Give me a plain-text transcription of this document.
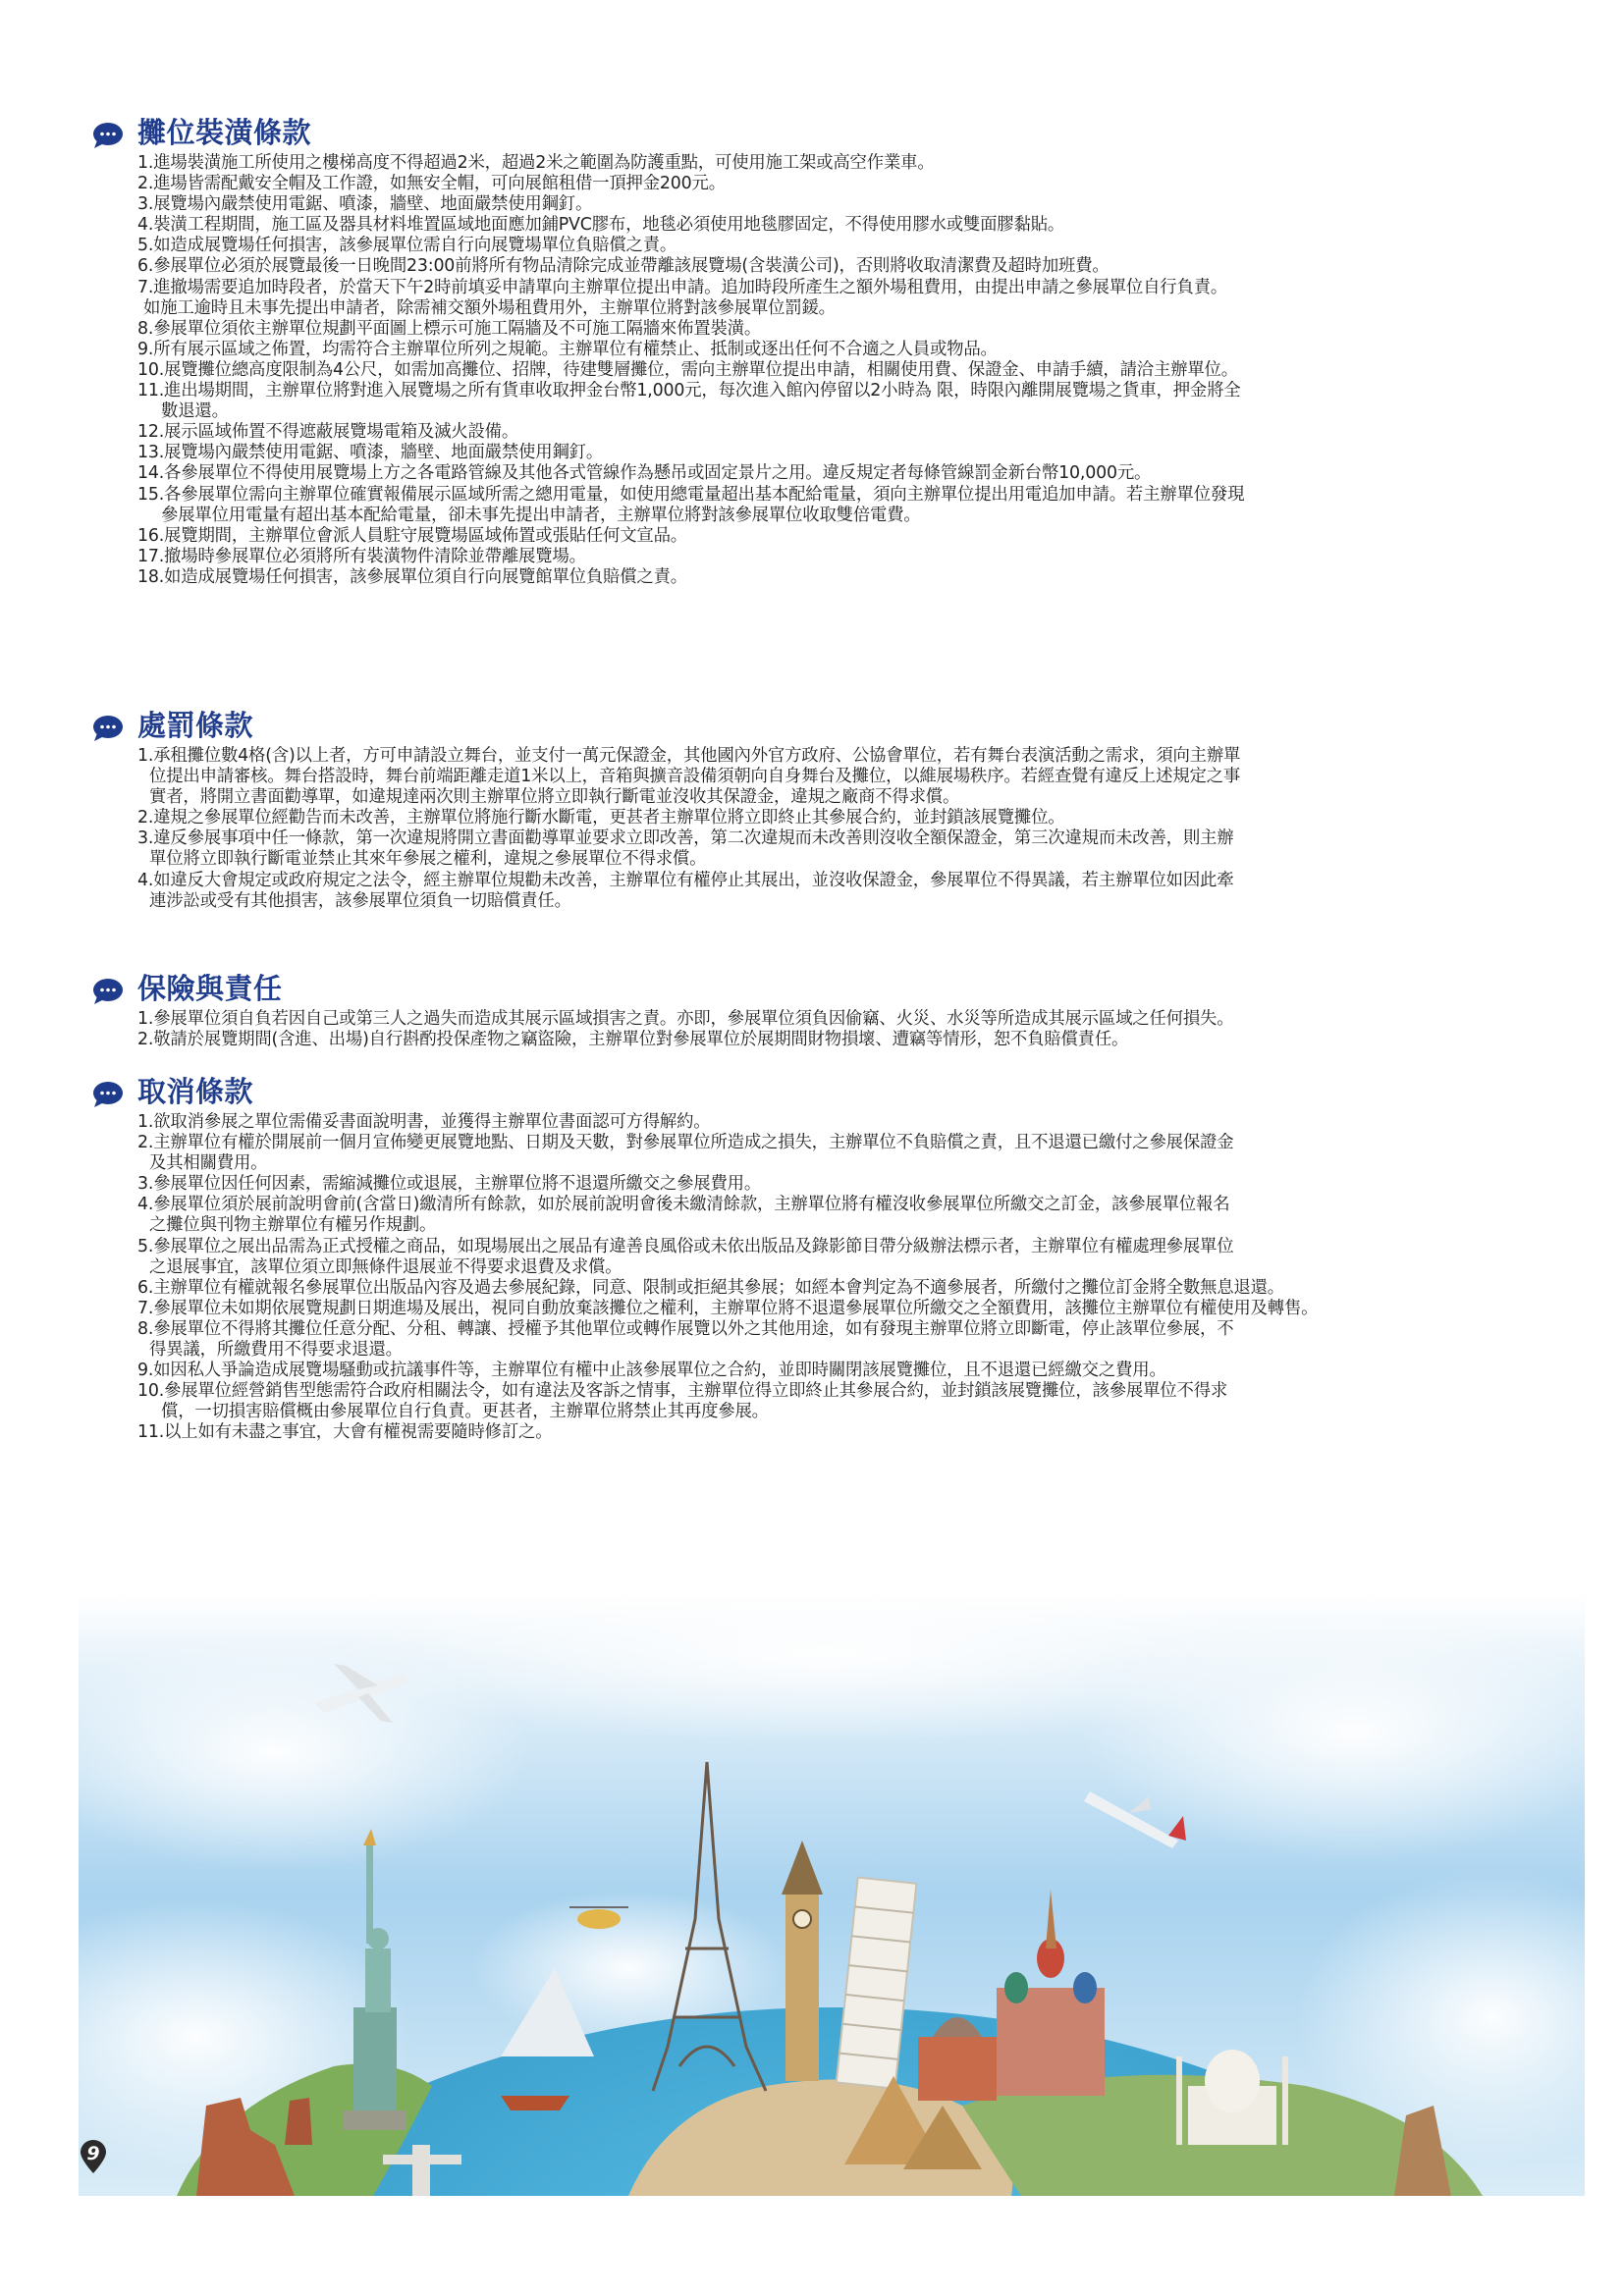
攤位裝潢條款
1.進場裝潢施工所使用之樓梯高度不得超過2米，超過2米之範圍為防護重點，可使用施工架或高空作業車。
2.進場皆需配戴安全帽及工作證，如無安全帽，可向展館租借一頂押金200元。
3.展覽場內嚴禁使用電鋸、噴漆，牆壁、地面嚴禁使用鋼釘。
4.裝潢工程期間，施工區及器具材料堆置區域地面應加鋪PVC膠布，地毯必須使用地毯膠固定，不得使用膠水或雙面膠黏貼。
5.如造成展覽場任何損害，該參展單位需自行向展覽場單位負賠償之責。
6.參展單位必須於展覽最後一日晚間23:00前將所有物品清除完成並帶離該展覽場(含裝潢公司)，否則將收取清潔費及超時加班費。
7.進撤場需要追加時段者，於當天下午2時前填妥申請單向主辦單位提出申請。追加時段所產生之額外場租費用，由提出申請之參展單位自行負責。
如施工逾時且未事先提出申請者，除需補交額外場租費用外，主辦單位將對該參展單位罰鍰。
8.參展單位須依主辦單位規劃平面圖上標示可施工隔牆及不可施工隔牆來佈置裝潢。
9.所有展示區域之佈置，均需符合主辦單位所列之規範。主辦單位有權禁止、抵制或逐出任何不合適之人員或物品。
10.展覽攤位總高度限制為4公尺，如需加高攤位、招牌，待建雙層攤位，需向主辦單位提出申請，相關使用費、保證金、申請手續，請洽主辦單位。
11.進出場期間，主辦單位將對進入展覽場之所有貨車收取押金台幣1,000元，每次進入館內停留以2小時為 限，時限內離開展覽場之貨車，押金將全
數退還。
12.展示區域佈置不得遮蔽展覽場電箱及滅火設備。
13.展覽場內嚴禁使用電鋸、噴漆，牆壁、地面嚴禁使用鋼釘。
14.各參展單位不得使用展覽場上方之各電路管線及其他各式管線作為懸吊或固定景片之用。違反規定者每條管線罰金新台幣10,000元。
15.各參展單位需向主辦單位確實報備展示區域所需之總用電量，如使用總電量超出基本配給電量，須向主辦單位提出用電追加申請。若主辦單位發現
參展單位用電量有超出基本配給電量，卻未事先提出申請者，主辦單位將對該參展單位收取雙倍電費。
16.展覽期間，主辦單位會派人員駐守展覽場區域佈置或張貼任何文宣品。
17.撤場時參展單位必須將所有裝潢物件清除並帶離展覽場。
18.如造成展覽場任何損害，該參展單位須自行向展覽館單位負賠償之責。
處罰條款
1.承租攤位數4格(含)以上者，方可申請設立舞台，並支付一萬元保證金，其他國內外官方政府、公協會單位，若有舞台表演活動之需求，須向主辦單
位提出申請審核。舞台搭設時，舞台前端距離走道1米以上，音箱與擴音設備須朝向自身舞台及攤位，以維展場秩序。若經查覺有違反上述規定之事
實者，將開立書面勸導單，如違規達兩次則主辦單位將立即執行斷電並沒收其保證金，違規之廠商不得求償。
2.違規之參展單位經勸告而未改善，主辦單位將施行斷水斷電，更甚者主辦單位將立即終止其參展合約，並封鎖該展覽攤位。
3.違反參展事項中任一條款，第一次違規將開立書面勸導單並要求立即改善，第二次違規而未改善則沒收全額保證金，第三次違規而未改善，則主辦
單位將立即執行斷電並禁止其來年參展之權利，違規之參展單位不得求償。
4.如違反大會規定或政府規定之法令，經主辦單位規勸未改善，主辦單位有權停止其展出，並沒收保證金，參展單位不得異議，若主辦單位如因此牽
連涉訟或受有其他損害，該參展單位須負一切賠償責任。
保險與責任
1.參展單位須自負若因自己或第三人之過失而造成其展示區域損害之責。亦即，參展單位須負因偷竊、火災、水災等所造成其展示區域之任何損失。
2.敬請於展覽期間(含進、出場)自行斟酌投保產物之竊盜險，主辦單位對參展單位於展期間財物損壞、遭竊等情形，恕不負賠償責任。
取消條款
1.欲取消參展之單位需備妥書面說明書，並獲得主辦單位書面認可方得解約。
2.主辦單位有權於開展前一個月宣佈變更展覽地點、日期及天數，對參展單位所造成之損失，主辦單位不負賠償之責，且不退還已繳付之參展保證金
及其相關費用。
3.參展單位因任何因素，需縮減攤位或退展，主辦單位將不退還所繳交之參展費用。
4.參展單位須於展前說明會前(含當日)繳清所有餘款，如於展前說明會後未繳清餘款，主辦單位將有權沒收參展單位所繳交之訂金，該參展單位報名
之攤位與刊物主辦單位有權另作規劃。
5.參展單位之展出品需為正式授權之商品，如現場展出之展品有違善良風俗或未依出版品及錄影節目帶分級辦法標示者，主辦單位有權處理參展單位
之退展事宜，該單位須立即無條件退展並不得要求退費及求償。
6.主辦單位有權就報名參展單位出版品內容及過去參展紀錄，同意、限制或拒絕其參展；如經本會判定為不適參展者，所繳付之攤位訂金將全數無息退還。
7.參展單位未如期依展覽規劃日期進場及展出，視同自動放棄該攤位之權利，主辦單位將不退還參展單位所繳交之全額費用，該攤位主辦單位有權使用及轉售。
8.參展單位不得將其攤位任意分配、分租、轉讓、授權予其他單位或轉作展覽以外之其他用途，如有發現主辦單位將立即斷電，停止該單位參展，不
得異議，所繳費用不得要求退還。
9.如因私人爭論造成展覽場騷動或抗議事件等，主辦單位有權中止該參展單位之合約，並即時關閉該展覽攤位，且不退還已經繳交之費用。
10.參展單位經營銷售型態需符合政府相關法令，如有違法及客訴之情事，主辦單位得立即終止其參展合約，並封鎖該展覽攤位，該參展單位不得求
償，一切損害賠償概由參展單位自行負責。更甚者，主辦單位將禁止其再度參展。
11.以上如有未盡之事宜，大會有權視需要隨時修訂之。
9
